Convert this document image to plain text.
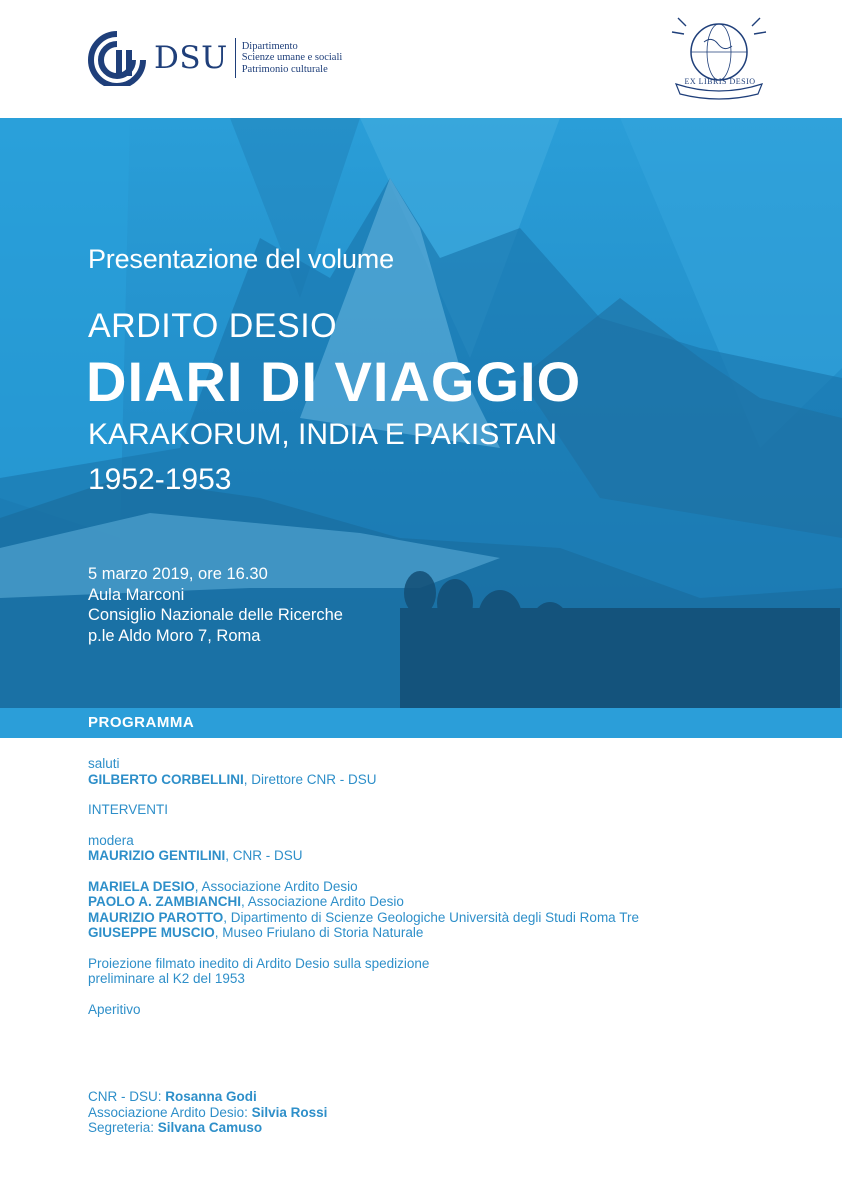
DSU Dipartimento
Scienze umane e sociali
Patrimonio culturale
EX LIBRIS DESIO
Presentazione del volume
ARDITO DESIO
DIARI DI VIAGGIO
KARAKORUM, INDIA E PAKISTAN
1952-1953
5 marzo 2019, ore 16.30
Aula Marconi
Consiglio Nazionale delle Ricerche
p.le Aldo Moro 7, Roma
PROGRAMMA

saluti

GILBERTO CORBELLINI, Direttore CNR - DSU

INTERVENTI

modera

MAURIZIO GENTILINI, CNR - DSU

MARIELA DESIO, Associazione Ardito Desio

PAOLO A. ZAMBIANCHI, Associazione Ardito Desio

MAURIZIO PAROTTO, Dipartimento di Scienze Geologiche Università degli Studi Roma Tre

GIUSEPPE MUSCIO, Museo Friulano di Storia Naturale

Proiezione filmato inedito di Ardito Desio sulla spedizione

preliminare al K2 del 1953

Aperitivo

CNR - DSU: Rosanna Godi

Associazione Ardito Desio: Silvia Rossi

Segreteria: Silvana Camuso
